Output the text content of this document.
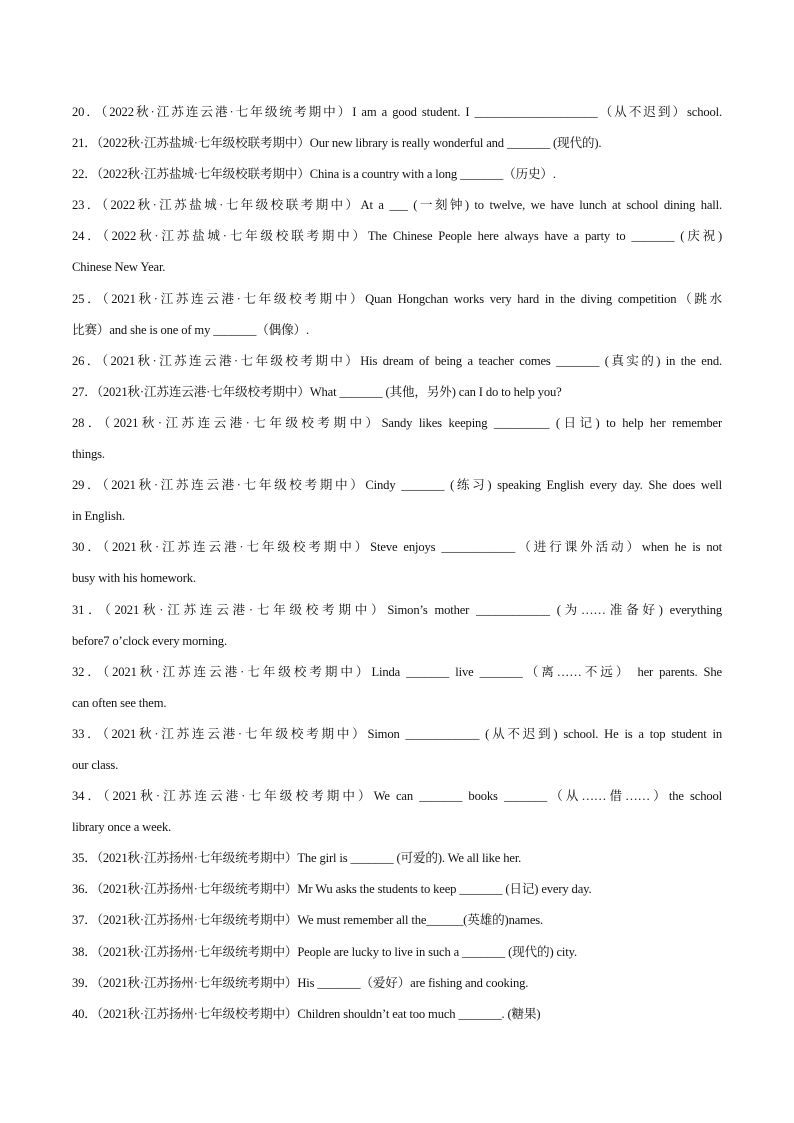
20．（2022秋·江苏连云港·七年级统考期中）I am a good student. I ____________________（从不迟到）school.
21．（2022秋·江苏盐城·七年级校联考期中）Our new library is really wonderful and _______ (现代的).
22．（2022秋·江苏盐城·七年级校联考期中）China is a country with a long _______（历史）.
23．（2022秋·江苏盐城·七年级校联考期中）At a ___ (一刻钟) to twelve, we have lunch at school dining hall.
24．（2022秋·江苏盐城·七年级校联考期中）The Chinese People here always have a party to _______ (庆祝)
Chinese New Year.
25．（2021秋·江苏连云港·七年级校考期中）Quan Hongchan works very hard in the diving competition（跳水
比赛）and she is one of my _______（偶像）.
26．（2021秋·江苏连云港·七年级校考期中）His dream of being a teacher comes _______ (真实的) in the end.
27．（2021秋·江苏连云港·七年级校考期中）What _______ (其他，另外) can I do to help you?
28．（2021秋·江苏连云港·七年级校考期中）Sandy likes keeping _________ (日记) to help her remember
things.
29．（2021秋·江苏连云港·七年级校考期中）Cindy _______ (练习) speaking English every day. She does well
in English.
30．（2021秋·江苏连云港·七年级校考期中）Steve enjoys ____________（进行课外活动）when he is not
busy with his homework.
31．（2021秋·江苏连云港·七年级校考期中）Simon’s mother ____________ (为……准备好) everything
before7 o’clock every morning.
32．（2021秋·江苏连云港·七年级校考期中）Linda _______ live _______（离……不远） her parents. She
can often see them.
33．（2021秋·江苏连云港·七年级校考期中）Simon ____________ (从不迟到) school. He is a top student in
our class.
34．（2021秋·江苏连云港·七年级校考期中）We can _______ books _______（从……借……）the school
library once a week.
35．（2021秋·江苏扬州·七年级统考期中）The girl is _______ (可爱的). We all like her.
36．（2021秋·江苏扬州·七年级统考期中）Mr Wu asks the students to keep _______ (日记) every day.
37．（2021秋·江苏扬州·七年级统考期中）We must remember all the______(英雄的)names.
38．（2021秋·江苏扬州·七年级统考期中）People are lucky to live in such a _______ (现代的) city.
39．（2021秋·江苏扬州·七年级统考期中）His _______（爱好）are fishing and cooking.
40．（2021秋·江苏扬州·七年级校考期中）Children shouldn’t eat too much _______. (糖果)
